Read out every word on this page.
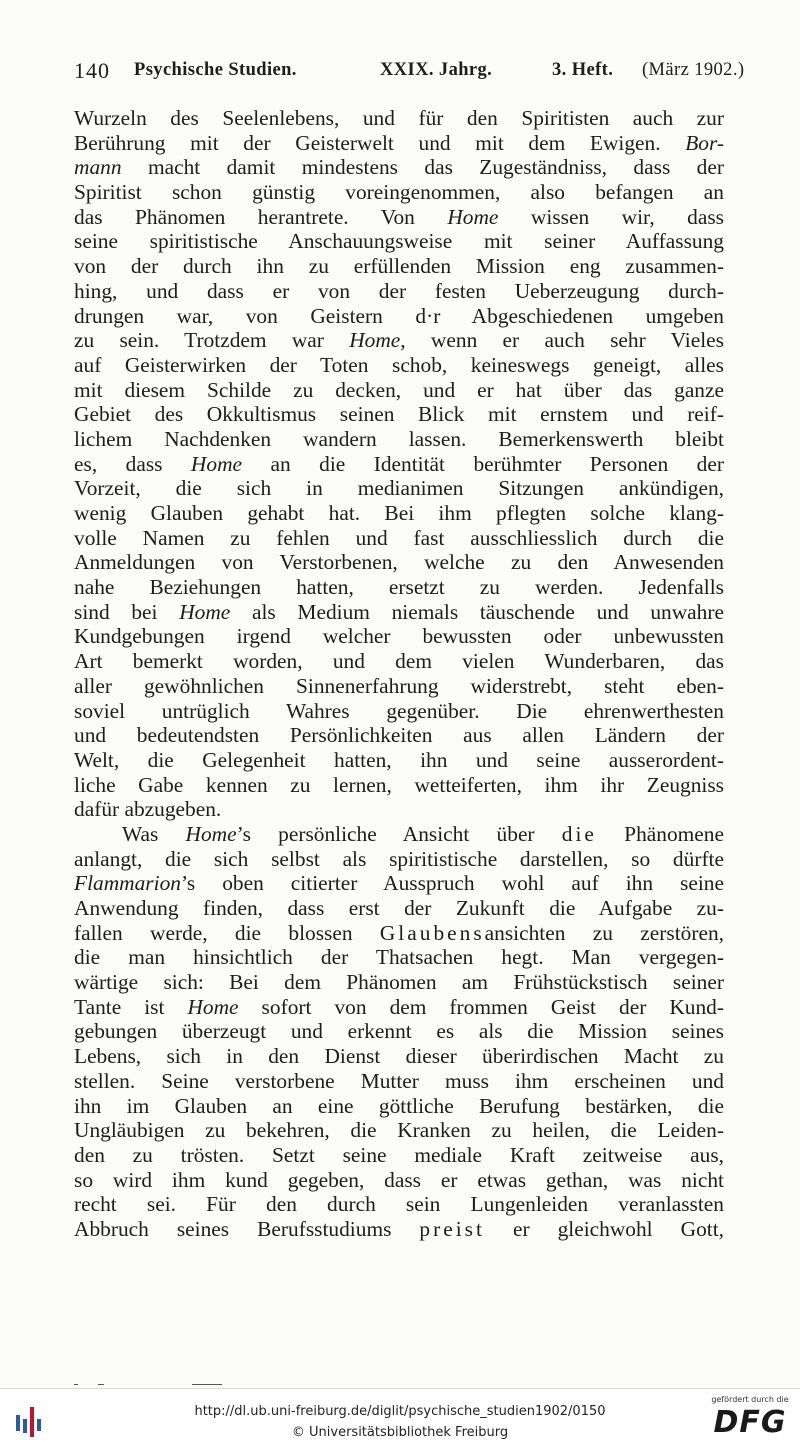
140 Psychische Studien.	XXIX. Jahrg.	3. Heft. (März 1902.)
Wurzeln des Seelenlebens, und für den Spiritisten auch zur
Berührung mit der Geisterwelt und mit dem Ewigen. Bor-
mann macht damit mindestens das Zugeständniss, dass der
Spiritist schon günstig voreingenommen, also befangen an
das Phänomen herantrete. Von Home wissen wir, dass
seine spiritistische Anschauungsweise mit seiner Auffassung
von der durch ihn zu erfüllenden Mission eng zusammen-
hing, und dass er von der festen Ueberzeugung durch-
drungen war, von Geistern d·r Abgeschiedenen umgeben
zu sein. Trotzdem war Home, wenn er auch sehr Vieles
auf Geisterwirken der Toten schob, keineswegs geneigt, alles
mit diesem Schilde zu decken, und er hat über das ganze
Gebiet des Okkultismus seinen Blick mit ernstem und reif-
lichem Nachdenken wandern lassen. Bemerkenswerth bleibt
es, dass Home an die Identität berühmter Personen der
Vorzeit, die sich in medianimen Sitzungen ankündigen,
wenig Glauben gehabt hat. Bei ihm pflegten solche klang-
volle Namen zu fehlen und fast ausschliesslich durch die
Anmeldungen von Verstorbenen, welche zu den Anwesenden
nahe Beziehungen hatten, ersetzt zu werden. Jedenfalls
sind bei Home als Medium niemals täuschende und unwahre
Kundgebungen irgend welcher bewussten oder unbewussten
Art bemerkt worden, und dem vielen Wunderbaren, das
aller gewöhnlichen Sinnenerfahrung widerstrebt, steht eben-
soviel untrüglich Wahres gegenüber. Die ehrenwerthesten
und bedeutendsten Persönlichkeiten aus allen Ländern der
Welt, die Gelegenheit hatten, ihn und seine ausserordent-
liche Gabe kennen zu lernen, wetteiferten, ihm ihr Zeugniss
dafür abzugeben.
Was Home’s persönliche Ansicht über die Phänomene
anlangt, die sich selbst als spiritistische darstellen, so dürfte
Flammarion’s oben citierter Ausspruch wohl auf ihn seine
Anwendung finden, dass erst der Zukunft die Aufgabe zu-
fallen werde, die blossen Glaubensansichten zu zerstören,
die man hinsichtlich der Thatsachen hegt. Man vergegen-
wärtige sich: Bei dem Phänomen am Frühstückstisch seiner
Tante ist Home sofort von dem frommen Geist der Kund-
gebungen überzeugt und erkennt es als die Mission seines
Lebens, sich in den Dienst dieser überirdischen Macht zu
stellen. Seine verstorbene Mutter muss ihm erscheinen und
ihn im Glauben an eine göttliche Berufung bestärken, die
Ungläubigen zu bekehren, die Kranken zu heilen, die Leiden-
den zu trösten. Setzt seine mediale Kraft zeitweise aus,
so wird ihm kund gegeben, dass er etwas gethan, was nicht
recht sei. Für den durch sein Lungenleiden veranlassten
Abbruch seines Berufsstudiums preist er gleichwohl Gott,
http://dl.ub.uni-freiburg.de/diglit/psychische_studien1902/0150
© Universitätsbibliothek Freiburg
gefördert durch die
DFG
